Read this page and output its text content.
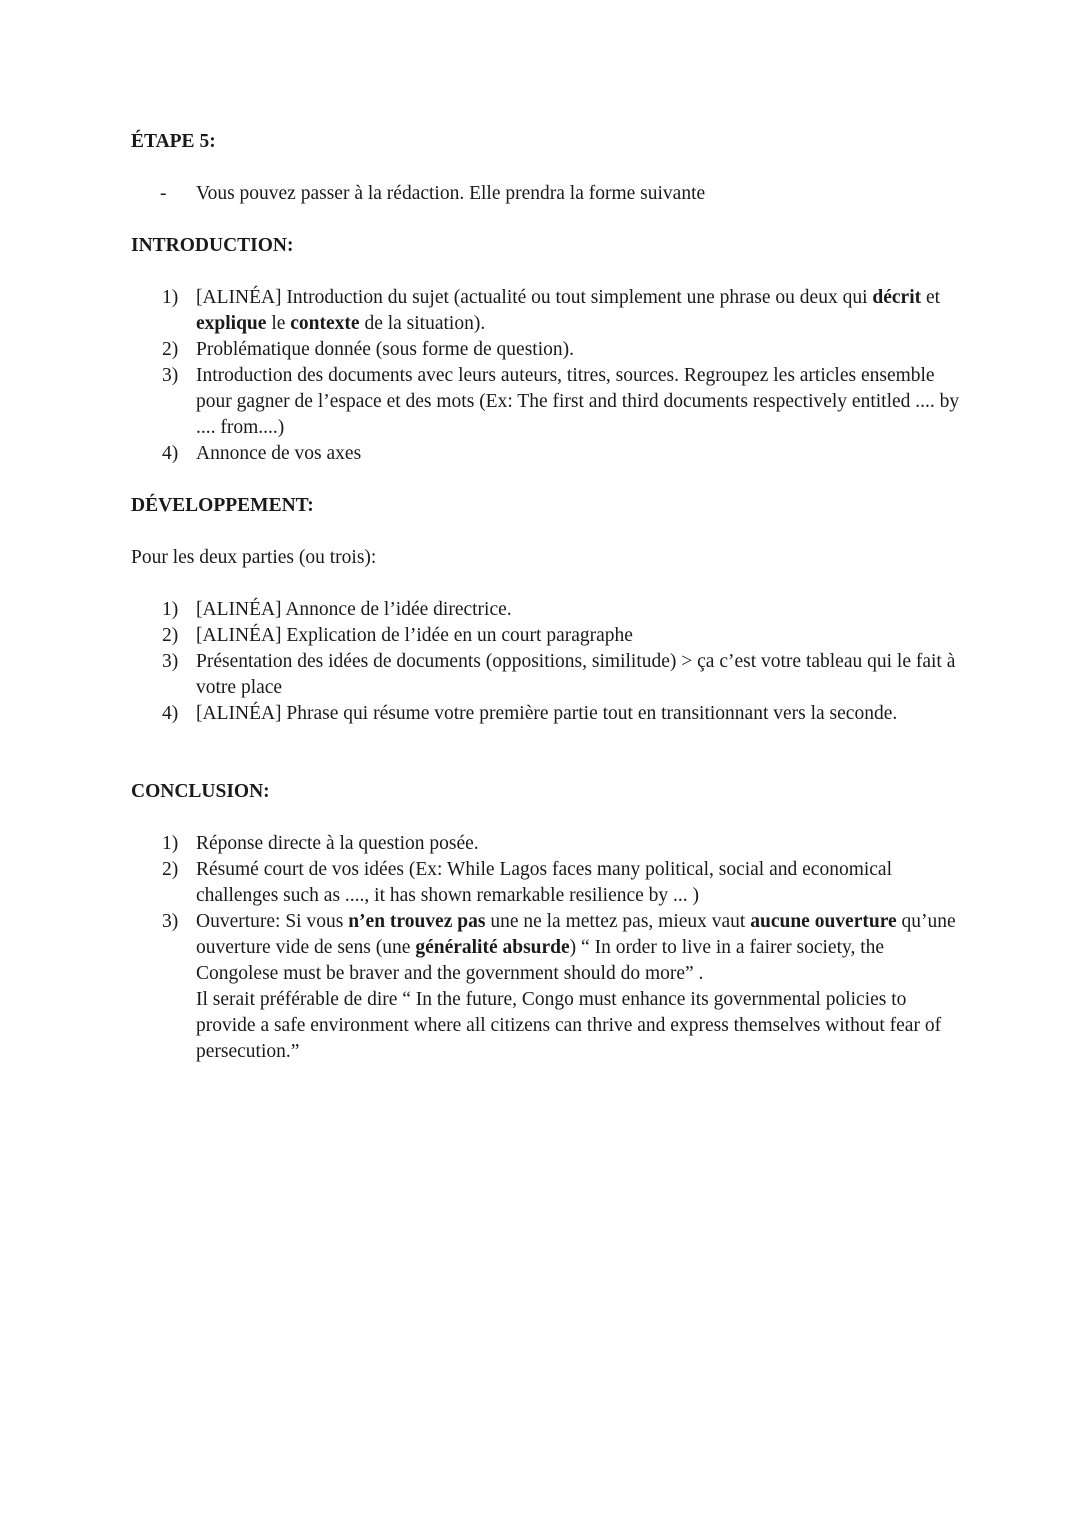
ÉTAPE 5:
- Vous pouvez passer à la rédaction. Elle prendra la forme suivante
INTRODUCTION:
1) [ALINÉA] Introduction du sujet (actualité ou tout simplement une phrase ou deux qui décrit et explique le contexte de la situation).
2) Problématique donnée (sous forme de question).
3) Introduction des documents avec leurs auteurs, titres, sources. Regroupez les articles ensemble pour gagner de l’espace et des mots (Ex: The first and third documents respectively entitled .... by .... from....)
4) Annonce de vos axes
DÉVELOPPEMENT:

Pour les deux parties (ou trois):

1) [ALINÉA] Annonce de l’idée directrice.
2) [ALINÉA] Explication de l’idée en un court paragraphe
3) Présentation des idées de documents (oppositions, similitude) > ça c’est votre tableau qui le fait à votre place
4) [ALINÉA] Phrase qui résume votre première partie tout en transitionnant vers la seconde.
CONCLUSION:
1) Réponse directe à la question posée.
2) Résumé court de vos idées (Ex: While Lagos faces many political, social and economical challenges such as ...., it has shown remarkable resilience by ... )
3) Ouverture: Si vous n’en trouvez pas une ne la mettez pas, mieux vaut aucune ouverture qu’une ouverture vide de sens (une généralité absurde) “ In order to live in a fairer society, the Congolese must be braver and the government should do more” .
Il serait préférable de dire “ In the future, Congo must enhance its governmental policies to provide a safe environment where all citizens can thrive and express themselves without fear of persecution.”
